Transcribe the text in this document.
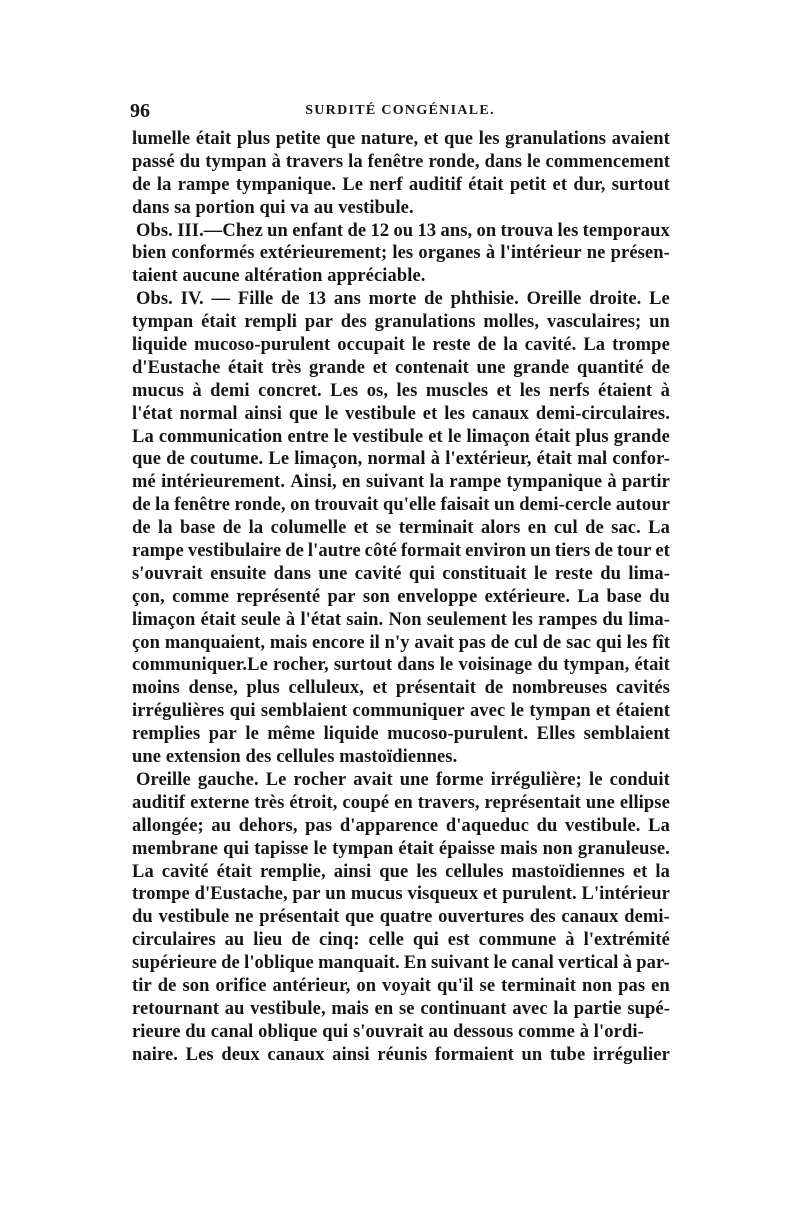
96	SURDITÉ CONGÉNIALE.
lumelle était plus petite que nature, et que les granulations avaient
passé du tympan à travers la fenêtre ronde, dans le commencement
de la rampe tympanique. Le nerf auditif était petit et dur, surtout
dans sa portion qui va au vestibule.
Obs. III.—Chez un enfant de 12 ou 13 ans, on trouva les temporaux
bien conformés extérieurement; les organes à l'intérieur ne présen-
taient aucune altération appréciable.
Obs. IV. — Fille de 13 ans morte de phthisie. Oreille droite. Le
tympan était rempli par des granulations molles, vasculaires; un
liquide mucoso-purulent occupait le reste de la cavité. La trompe
d'Eustache était très grande et contenait une grande quantité de
mucus à demi concret. Les os, les muscles et les nerfs étaient à
l'état normal ainsi que le vestibule et les canaux demi-circulaires.
La communication entre le vestibule et le limaçon était plus grande
que de coutume. Le limaçon, normal à l'extérieur, était mal confor-
mé intérieurement. Ainsi, en suivant la rampe tympanique à partir
de la fenêtre ronde, on trouvait qu'elle faisait un demi-cercle autour
de la base de la columelle et se terminait alors en cul de sac. La
rampe vestibulaire de l'autre côté formait environ un tiers de tour et
s'ouvrait ensuite dans une cavité qui constituait le reste du lima-
çon, comme représenté par son enveloppe extérieure. La base du
limaçon était seule à l'état sain. Non seulement les rampes du lima-
çon manquaient, mais encore il n'y avait pas de cul de sac qui les fît
communiquer.Le rocher, surtout dans le voisinage du tympan, était
moins dense, plus celluleux, et présentait de nombreuses cavités
irrégulières qui semblaient communiquer avec le tympan et étaient
remplies par le même liquide mucoso-purulent. Elles semblaient
une extension des cellules mastoïdiennes.
Oreille gauche. Le rocher avait une forme irrégulière; le conduit
auditif externe très étroit, coupé en travers, représentait une ellipse
allongée; au dehors, pas d'apparence d'aqueduc du vestibule. La
membrane qui tapisse le tympan était épaisse mais non granuleuse.
La cavité était remplie, ainsi que les cellules mastoïdiennes et la
trompe d'Eustache, par un mucus visqueux et purulent. L'intérieur
du vestibule ne présentait que quatre ouvertures des canaux demi-
circulaires au lieu de cinq: celle qui est commune à l'extrémité
supérieure de l'oblique manquait. En suivant le canal vertical à par-
tir de son orifice antérieur, on voyait qu'il se terminait non pas en
retournant au vestibule, mais en se continuant avec la partie supé-
rieure du canal oblique qui s'ouvrait au dessous comme à l'ordi-
naire. Les deux canaux ainsi réunis formaient un tube irrégulier
